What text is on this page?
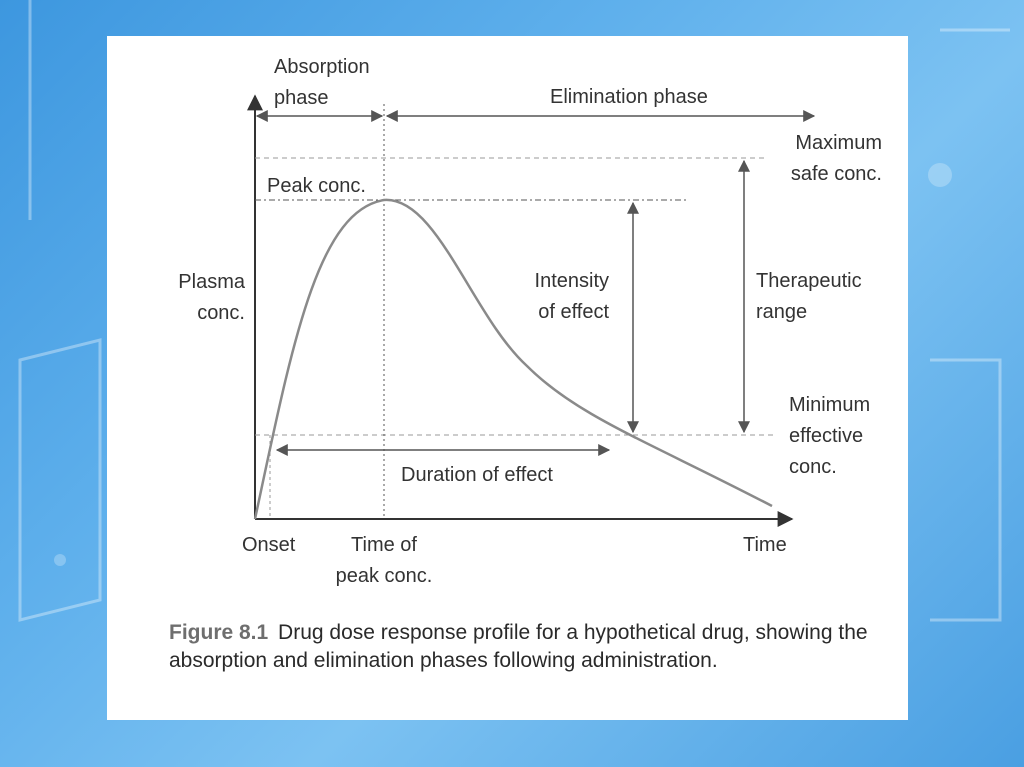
Absorption
phase	Elimination phase
Plasma
conc.
Peak conc.
Maximum
safe conc.
Intensity
of effect
Therapeutic
range
Minimum
effective
conc.
Duration of effect
Onset	Time of
peak conc.
Time
Figure 8.1 Drug dose response profile for a hypothetical drug, showing the absorption and elimination phases following administration.
